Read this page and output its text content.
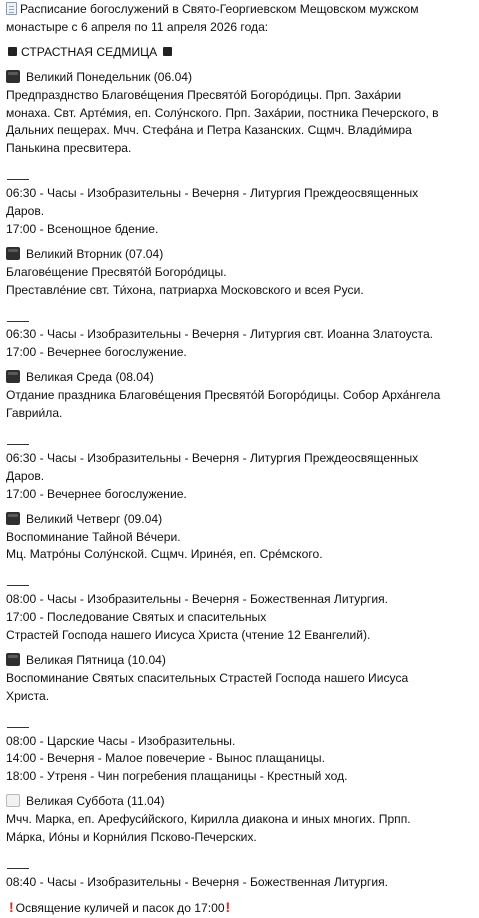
Расписание богослужений в Свято-Георгиевском Мещовском мужском
монастыре с 6 апреля по 11 апреля 2026 года:
СТРАСТНАЯ СЕДМИЦА
Великий Понедельник (06.04)
Предпразднство Благове́щения Пресвято́й Богоро́дицы. Прп. Заха́рии
монаха. Свт. Арте́мия, еп. Солу́нского. Прп. Заха́рии, постника Печерского, в
Дальних пещерах. Мчч. Стефа́на и Петра Казанских. Сщмч. Влади́мира
Панькина пресвитера.
06:30 - Часы - Изобразительны - Вечерня - Литургия Преждеосвященных
Даров.
17:00 - Всенощное бдение.
Великий Вторник (07.04)
Благове́щение Пресвято́й Богоро́дицы.
Преставле́ние свт. Ти́хона, патриарха Московского и всея Руси.
06:30 - Часы - Изобразительны - Вечерня - Литургия свт. Иоанна Златоуста.
17:00 - Вечернее богослужение.
Великая Среда (08.04)
Отдание праздника Благове́щения Пресвято́й Богоро́дицы. Собор Арха́нгела
Гаврии́ла.
06:30 - Часы - Изобразительны - Вечерня - Литургия Преждеосвященных
Даров.
17:00 - Вечернее богослужение.
Великий Четверг (09.04)
Воспоминание Тайной Ве́чери.
Мц. Матро́ны Солу́нской. Сщмч. Ирине́я, еп. Сре́мского.
08:00 - Часы - Изобразительны - Вечерня - Божественная Литургия.
17:00 - Последование Святых и спасительных
Страстей Господа нашего Иисуса Христа (чтение 12 Евангелий).
Великая Пятница (10.04)
Воспоминание Святых спасительных Страстей Господа нашего Иисуса
Христа.
08:00 - Царские Часы - Изобразительны.
14:00 - Вечерня - Малое повечерие - Вынос плащаницы.
18:00 - Утреня - Чин погребения плащаницы - Крестный ход.
Великая Суббота (11.04)
Мчч. Марка, еп. Арефуси́йского, Кирилла диакона и иных многих. Прпп.
Ма́рка, Ио́ны и Корни́лия Псково-Печерских.
08:40 - Часы - Изобразительны - Вечерня - Божественная Литургия.
! Освящение куличей и пасок до 17:00!
